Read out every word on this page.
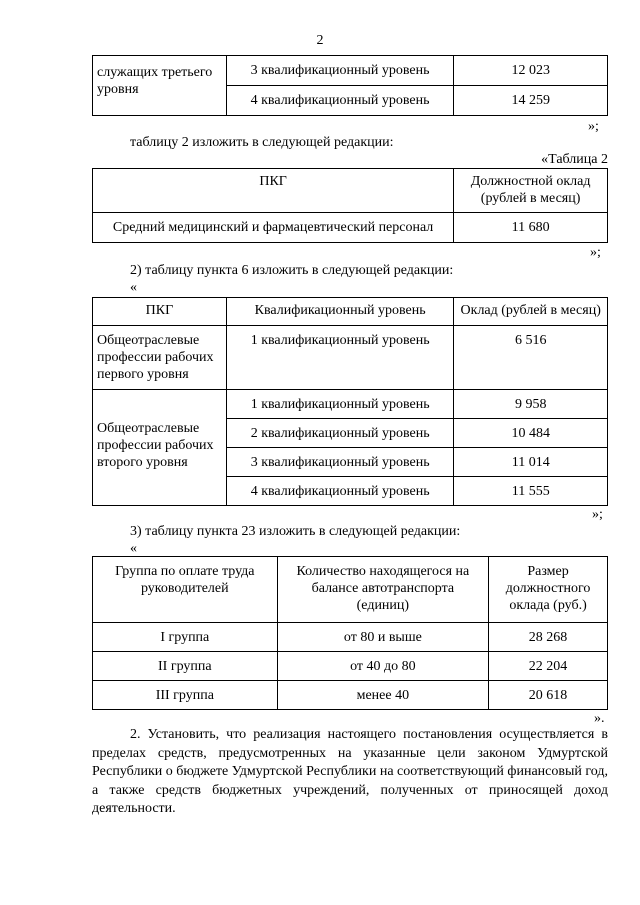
2
служащих третьего уровня	3 квалификационный уровень	12 023
	4 квалификационный уровень	14 259
»;
таблицу 2 изложить в следующей редакции:
«Таблица 2
ПКГ	Должностной оклад (рублей в месяц)
Средний медицинский и фармацевтический персонал	11 680
»;
2) таблицу пункта 6 изложить в следующей редакции:
«
ПКГ	Квалификационный уровень	Оклад (рублей в месяц)
Общеотраслевые профессии рабочих первого уровня	1 квалификационный уровень	6 516
Общеотраслевые профессии рабочих второго уровня	1 квалификационный уровень	9 958
	2 квалификационный уровень	10 484
	3 квалификационный уровень	11 014
	4 квалификационный уровень	11 555
»;
3) таблицу пункта 23 изложить в следующей редакции:
«
Группа по оплате труда руководителей	Количество находящегося на балансе автотранспорта (единиц)	Размер должностного оклада (руб.)
I группа	от 80 и выше	28 268
II группа	от 40 до 80	22 204
III группа	менее 40	20 618
».
2. Установить, что реализация настоящего постановления осуществляется в пределах средств, предусмотренных на указанные цели законом Удмуртской Республики о бюджете Удмуртской Республики на соответствующий финансовый год, а также средств бюджетных учреждений, полученных от приносящей доход деятельности.
